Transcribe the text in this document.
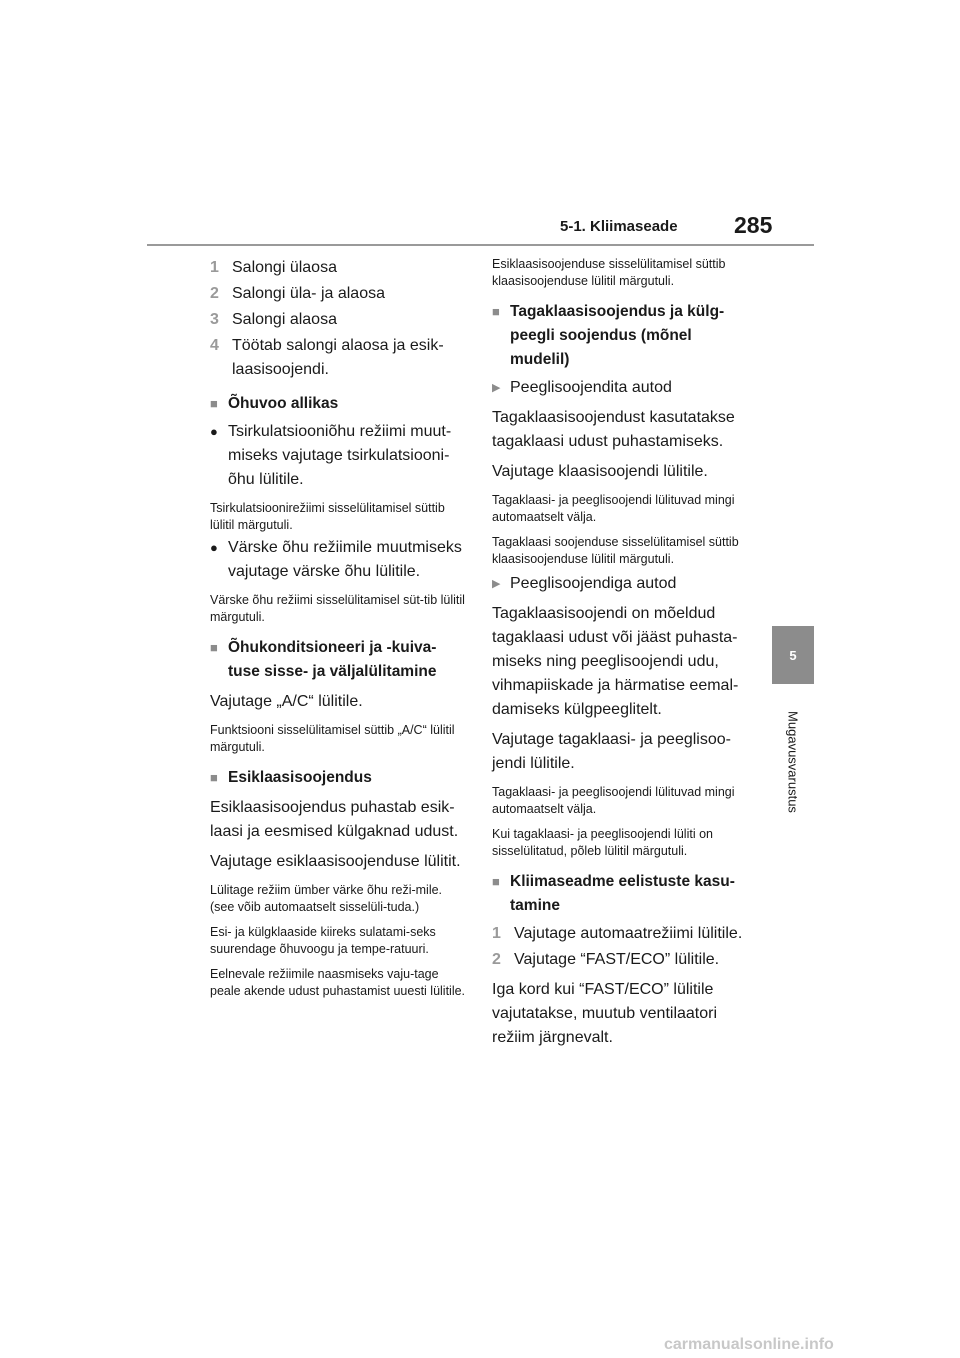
5-1. Kliimaseade 285
5
Mugavusvarustus
1 Salongi ülaosa
2 Salongi üla- ja alaosa
3 Salongi alaosa
4 Töötab salongi alaosa ja esik-laasisoojendi.
■ Õhuvoo allikas
● Tsirkulatsiooniõhu režiimi muut-miseks vajutage tsirkulatsiooni-õhu lülitile.
Tsirkulatsioonirežiimi sisselülitamisel süttib lülitil märgutuli.
● Värske õhu režiimile muutmiseks vajutage värske õhu lülitile.
Värske õhu režiimi sisselülitamisel süt-tib lülitil märgutuli.
■ Õhukonditsioneeri ja -kuiva-tuse sisse- ja väljalülitamine
Vajutage „A/C“ lülitile.
Funktsiooni sisselülitamisel süttib „A/C“ lülitil märgutuli.
■ Esiklaasisoojendus
Esiklaasisoojendus puhastab esik-laasi ja eesmised külgaknad udust.
Vajutage esiklaasisoojenduse lülitit.
Lülitage režiim ümber värke õhu reži-mile. (see võib automaatselt sisselüli-tuda.)
Esi- ja külgklaaside kiireks sulatami-seks suurendage õhuvoogu ja tempe-ratuuri.
Eelnevale režiimile naasmiseks vaju-tage peale akende udust puhastamist uuesti lülitile.
Esiklaasisoojenduse sisselülitamisel süttib klaasisoojenduse lülitil märgutuli.
■ Tagaklaasisoojendus ja külg-peegli soojendus (mõnel mudelil)
▶ Peeglisoojendita autod
Tagaklaasisoojendust kasutatakse tagaklaasi udust puhastamiseks.
Vajutage klaasisoojendi lülitile.
Tagaklaasi- ja peeglisoojendi lülituvad mingi automaatselt välja.
Tagaklaasi soojenduse sisselülitamisel süttib klaasisoojenduse lülitil märgutuli.
▶ Peeglisoojendiga autod
Tagaklaasisoojendi on mõeldud tagaklaasi udust või jääst puhasta-miseks ning peeglisoojendi udu, vihmapiiskade ja härmatise eemal-damiseks külgpeeglitelt.
Vajutage tagaklaasi- ja peeglisoo-jendi lülitile.
Tagaklaasi- ja peeglisoojendi lülituvad mingi automaatselt välja.
Kui tagaklaasi- ja peeglisoojendi lüliti on sisselülitatud, põleb lülitil märgutuli.
■ Kliimaseadme eelistuste kasu-tamine
1 Vajutage automaatrežiimi lülitile.
2 Vajutage “FAST/ECO” lülitile.
Iga kord kui “FAST/ECO” lülitile vajutatakse, muutub ventilaatori režiim järgnevalt.
carmanualsonline.info
